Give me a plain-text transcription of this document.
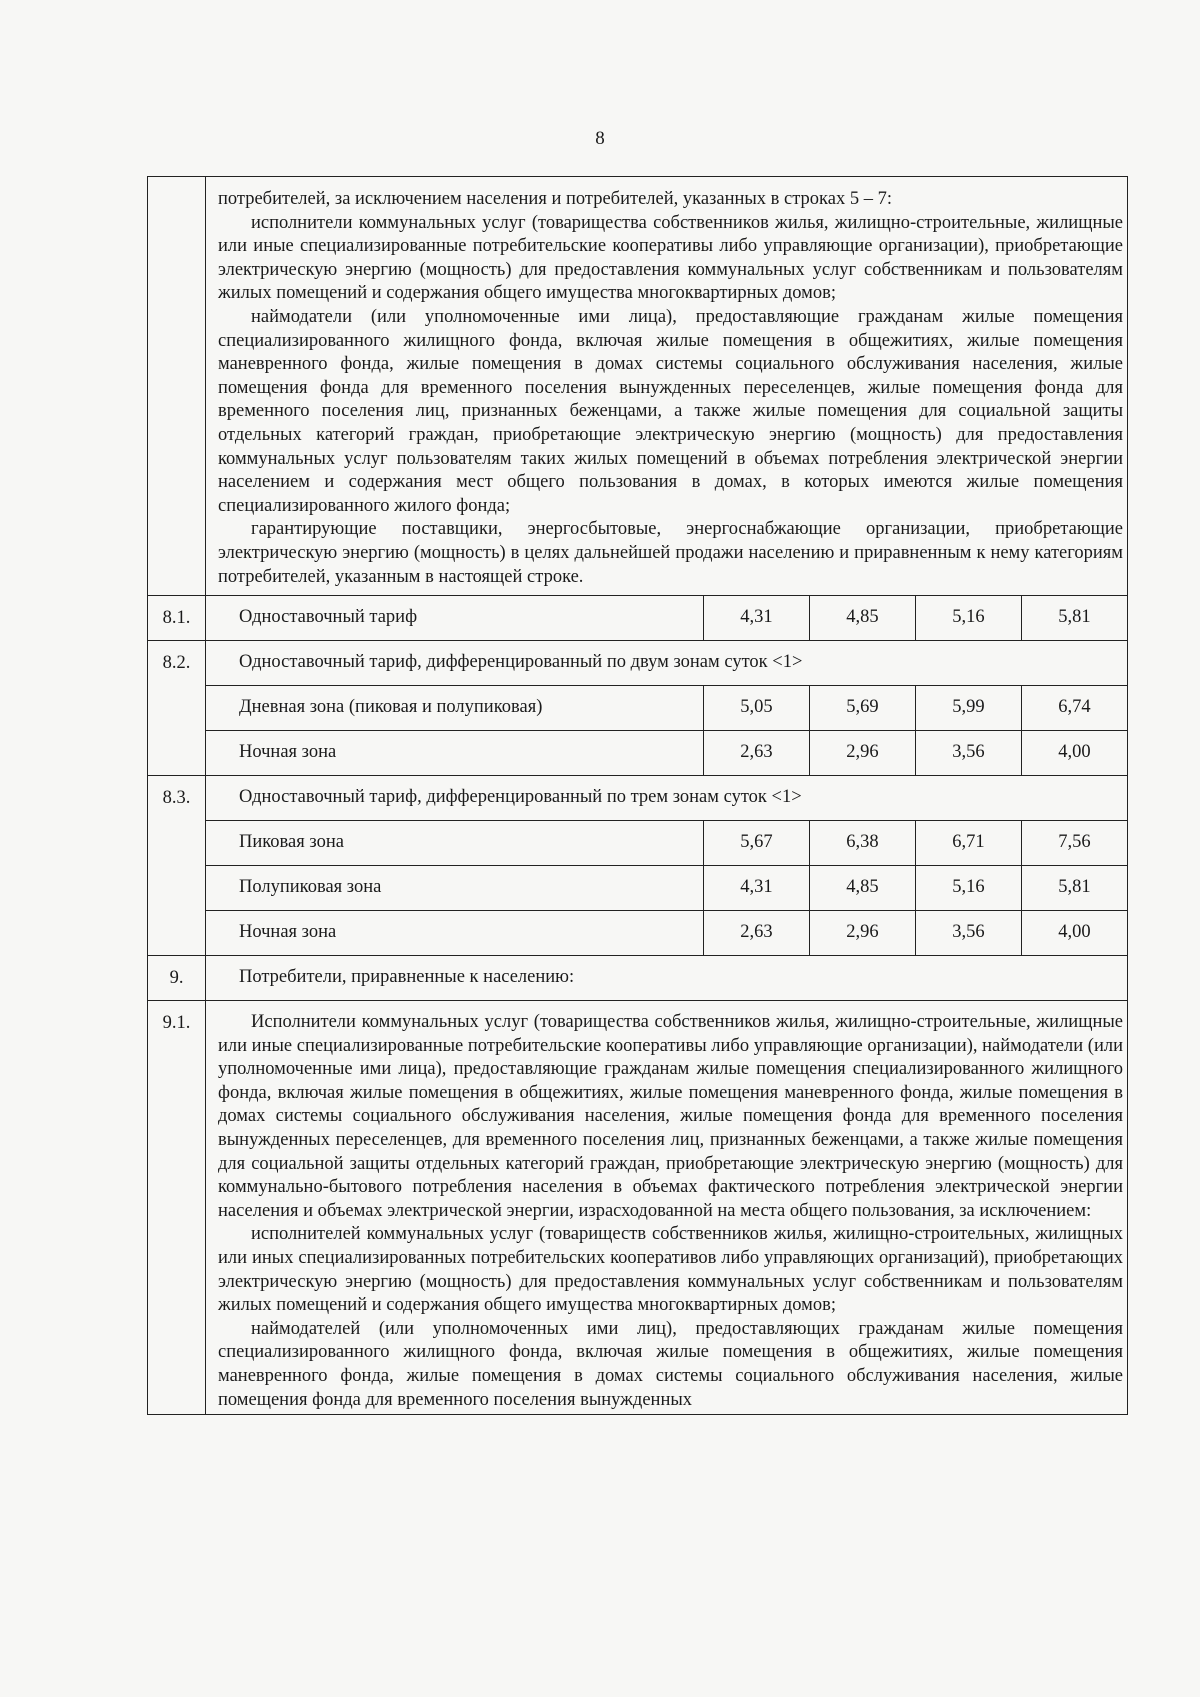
8

	потребителей, за исключением населения и потребителей, указанных в строках 5 – 7:

исполнители коммунальных услуг (товарищества собственников жилья, жилищно-строительные, жилищные или иные специализированные потребительские кооперативы либо управляющие организации), приобретающие электрическую энергию (мощность) для предоставления коммунальных услуг собственникам и пользователям жилых помещений и содержания общего имущества многоквартирных домов;

наймодатели (или уполномоченные ими лица), предоставляющие гражданам жилые помещения специализированного жилищного фонда, включая жилые помещения в общежитиях, жилые помещения маневренного фонда, жилые помещения в домах системы социального обслуживания населения, жилые помещения фонда для временного поселения вынужденных переселенцев, жилые помещения фонда для временного поселения лиц, признанных беженцами, а также жилые помещения для социальной защиты отдельных категорий граждан, приобретающие электрическую энергию (мощность) для предоставления коммунальных услуг пользователям таких жилых помещений в объемах потребления электрической энергии населением и содержания мест общего пользования в домах, в которых имеются жилые помещения специализированного жилого фонда;

гарантирующие поставщики, энергосбытовые, энергоснабжающие организации, приобретающие электрическую энергию (мощность) в целях дальнейшей продажи населению и приравненным к нему категориям потребителей, указанным в настоящей строке.				

8.1.	Одноставочный тариф	4,31	4,85	5,16	5,81
8.2.	Одноставочный тариф, дифференцированный по двум зонам суток <1>				
	Дневная зона (пиковая и полупиковая)	5,05	5,69	5,99	6,74
	Ночная зона	2,63	2,96	3,56	4,00
8.3.	Одноставочный тариф, дифференцированный по трем зонам суток <1>				
	Пиковая зона	5,67	6,38	6,71	7,56
	Полупиковая зона	4,31	4,85	5,16	5,81
	Ночная зона	2,63	2,96	3,56	4,00
9.	Потребители, приравненные к населению:				
9.1.	Исполнители коммунальных услуг (товарищества собственников жилья, жилищно-строительные, жилищные или иные специализированные потребительские кооперативы либо управляющие организации), наймодатели (или уполномоченные ими лица), предоставляющие гражданам жилые помещения специализированного жилищного фонда, включая жилые помещения в общежитиях, жилые помещения маневренного фонда, жилые помещения в домах системы социального обслуживания населения, жилые помещения фонда для временного поселения вынужденных переселенцев, для временного поселения лиц, признанных беженцами, а также жилые помещения для социальной защиты отдельных категорий граждан, приобретающие электрическую энергию (мощность) для коммунально-бытового потребления населения в объемах фактического потребления электрической энергии населения и объемах электрической энергии, израсходованной на места общего пользования, за исключением:

исполнителей коммунальных услуг (товариществ собственников жилья, жилищно-строительных, жилищных или иных специализированных потребительских кооперативов либо управляющих организаций), приобретающих электрическую энергию (мощность) для предоставления коммунальных услуг собственникам и пользователям жилых помещений и содержания общего имущества многоквартирных домов;

наймодателей (или уполномоченных ими лиц), предоставляющих гражданам жилые помещения специализированного жилищного фонда, включая жилые помещения в общежитиях, жилые помещения маневренного фонда, жилые помещения в домах системы социального обслуживания населения, жилые помещения фонда для временного поселения вынужденных				
